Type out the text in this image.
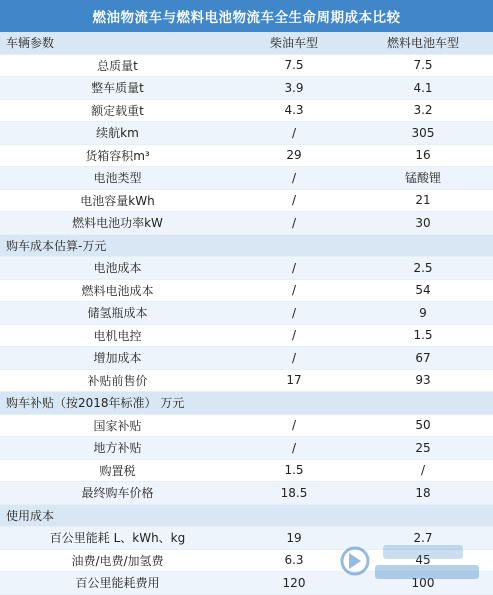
燃油物流车与燃料电池物流车全生命周期成本比较
车辆参数	柴油车型	燃料电池车型
总质量t	7.5	7.5
整车质量t	3.9	4.1
额定载重t	4.3	3.2
续航km	/	305
货箱容积m³	29	16
电池类型	/	锰酸锂
电池容量kWh	/	21
燃料电池功率kW	/	30
购车成本估算-万元
电池成本	/	2.5
燃料电池成本	/	54
储氢瓶成本	/	9
电机电控	/	1.5
增加成本	/	67
补贴前售价	17	93
购车补贴（按2018年标准） 万元
国家补贴	/	50
地方补贴	/	25
购置税	1.5	/
最终购车价格	18.5	18
使用成本
百公里能耗 L、kWh、kg	19	2.7
油费/电费/加氢费	6.3	45
百公里能耗费用	120	100
